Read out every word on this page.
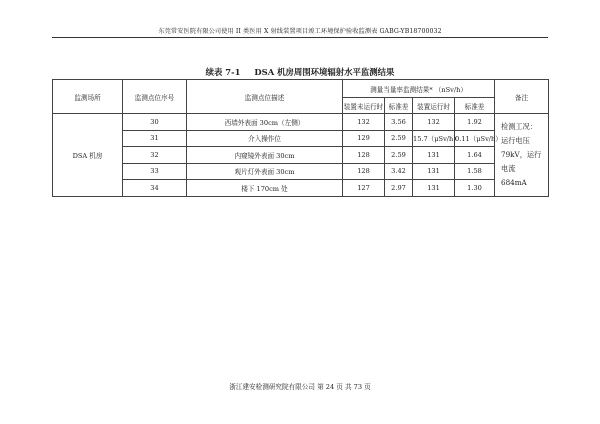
东莞常安医院有限公司使用 II 类医用 X 射线装置项目竣工环境保护验收监测表 GABG-YB18700032
续表 7-1 DSA 机房周围环境辐射水平监测结果
监测场所	监测点位序号	监测点位描述	测量当量率监测结果* （nSv/h）				备注
			装置未运行时	标准差	装置运行时	标准差	
DSA 机房	30	西墙外表面 30cm（左侧）	132	3.56	132	1.92	检测工况：运行电压 79kV，运行电流 684mA
	31	介入操作位	129	2.59	15.7（μSv/h）	0.11（μSv/h）	
	32	内窥镜外表面 30cm	128	2.59	131	1.64	
	33	观片灯外表面 30cm	128	3.42	131	1.58	
	34	楼下 170cm 处	127	2.97	131	1.30	
浙江建安检测研究院有限公司 第 24 页 共 73 页
